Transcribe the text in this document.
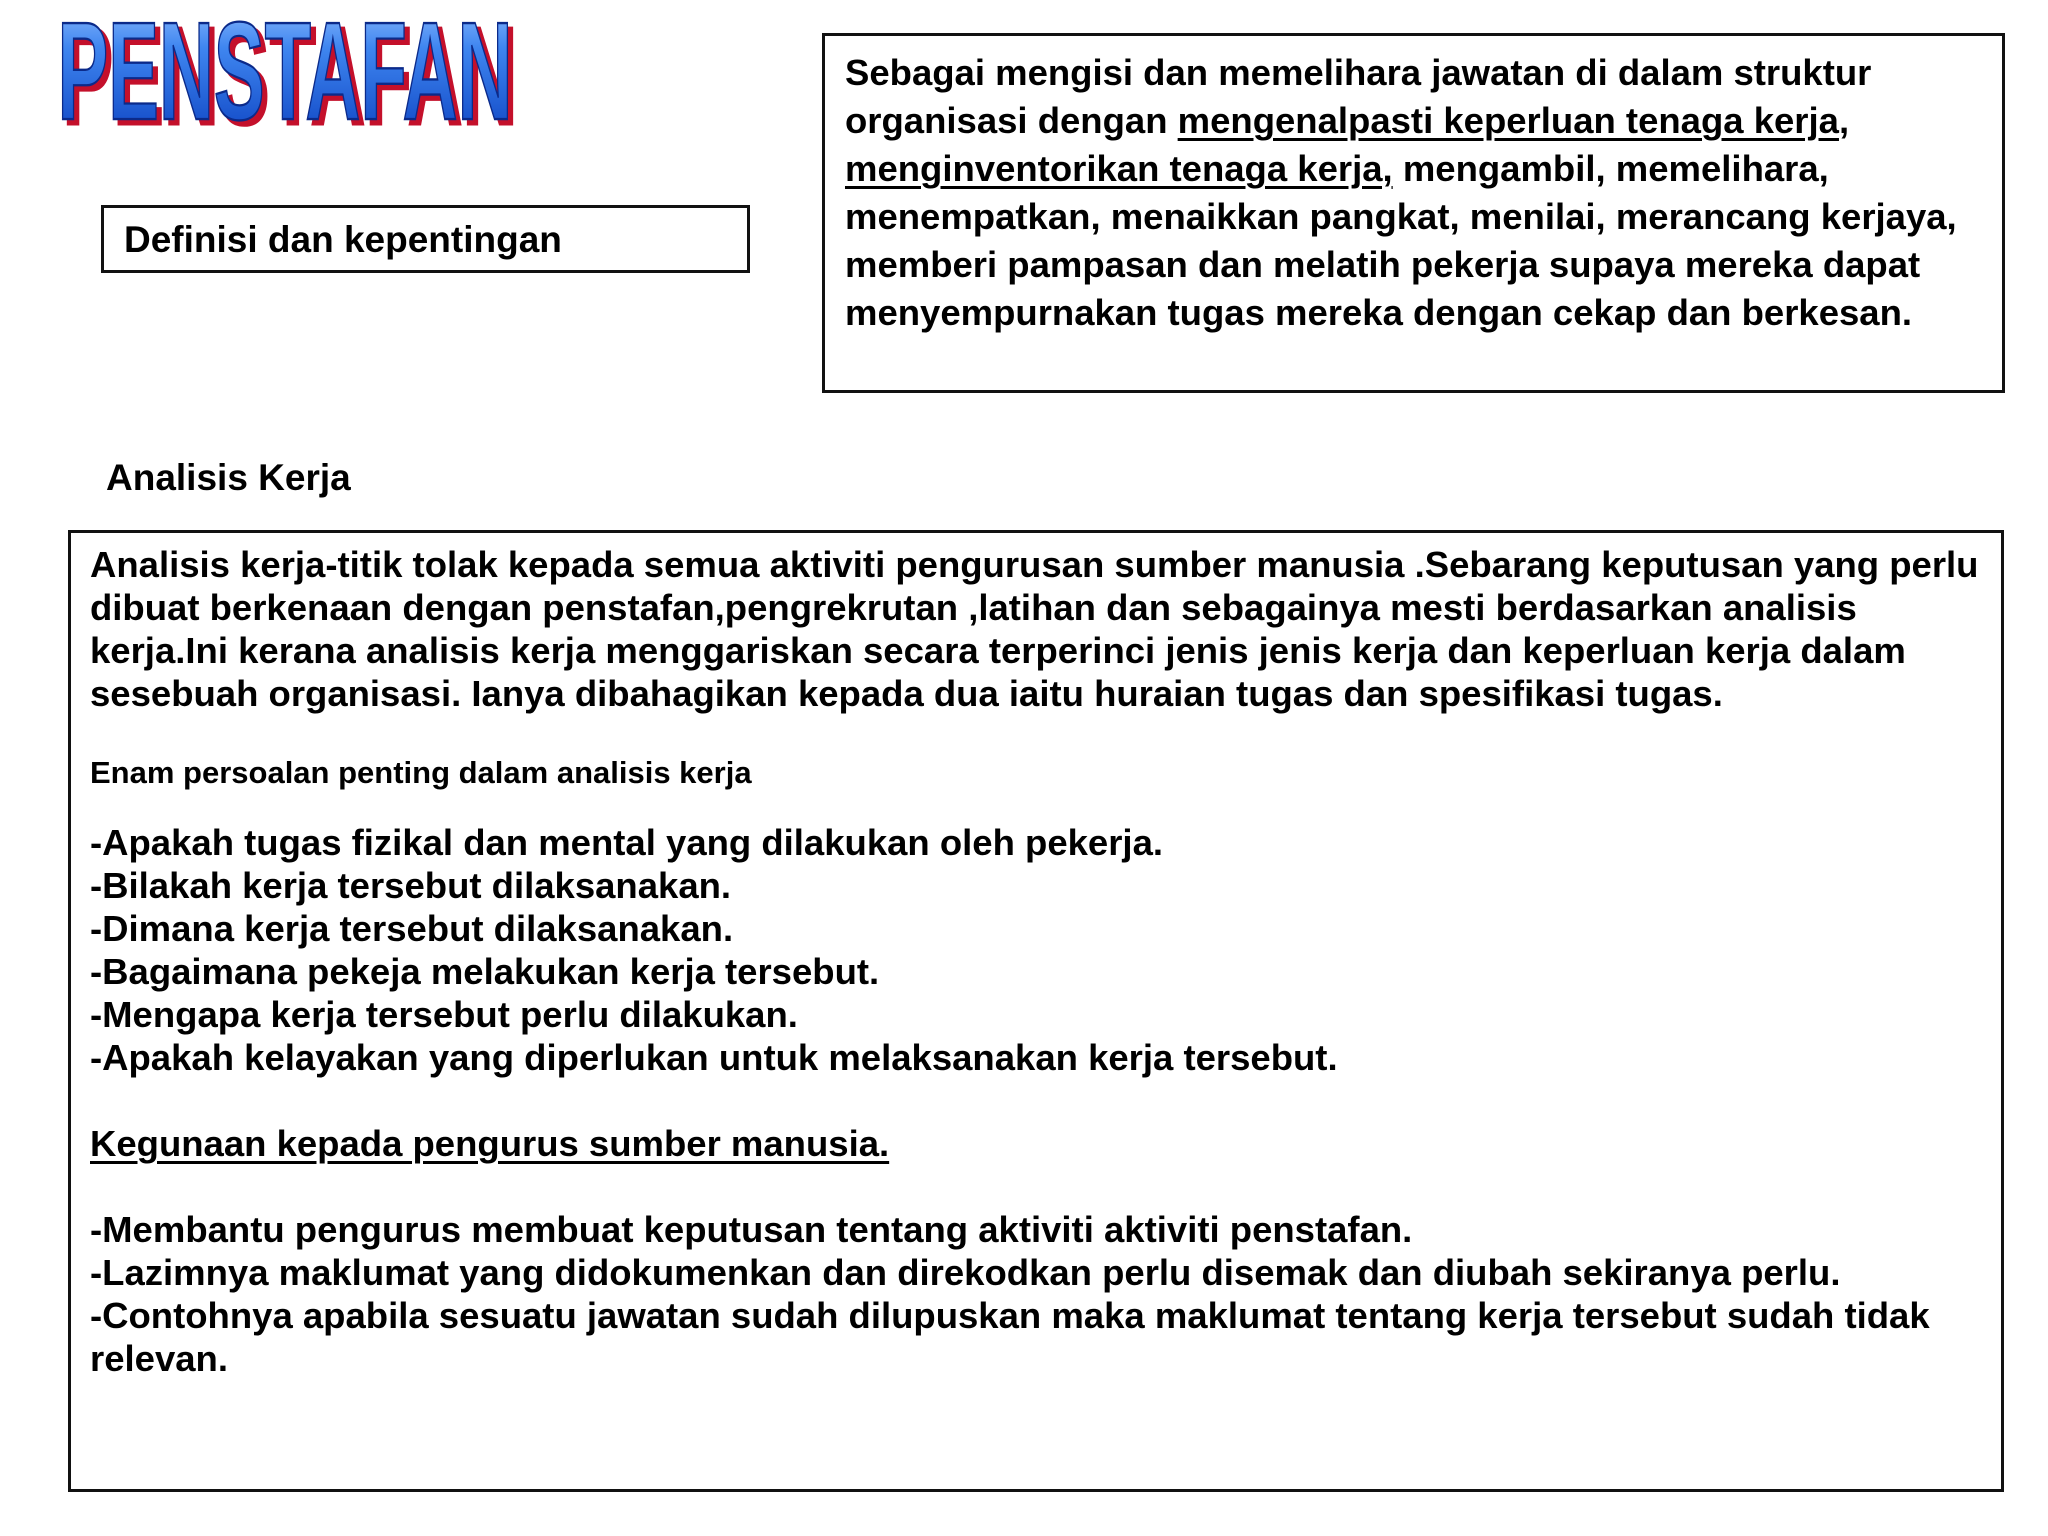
PENSTAFAN
PENSTAFAN
Definisi dan kepentingan

Sebagai mengisi dan memelihara jawatan di dalam struktur organisasi dengan mengenalpasti keperluan tenaga kerja, menginventorikan tenaga kerja, mengambil, memelihara, menempatkan, menaikkan pangkat, menilai, merancang kerjaya, memberi pampasan dan melatih pekerja supaya mereka dapat menyempurnakan tugas mereka dengan cekap dan berkesan.

Analisis Kerja

Analisis kerja-titik tolak kepada semua aktiviti pengurusan sumber manusia .Sebarang keputusan yang perlu dibuat berkenaan dengan penstafan,pengrekrutan ,latihan dan sebagainya mesti berdasarkan analisis kerja.Ini kerana analisis kerja menggariskan secara terperinci jenis jenis kerja dan keperluan kerja dalam sesebuah organisasi. Ianya dibahagikan kepada dua iaitu huraian tugas dan spesifikasi tugas.

Enam persoalan penting dalam analisis kerja

-Apakah tugas fizikal dan mental yang dilakukan oleh pekerja.
-Bilakah kerja tersebut dilaksanakan.
-Dimana kerja tersebut dilaksanakan.
-Bagaimana pekeja melakukan kerja tersebut.
-Mengapa kerja tersebut perlu dilakukan.
-Apakah kelayakan yang diperlukan untuk melaksanakan kerja tersebut.

Kegunaan kepada pengurus sumber manusia.

-Membantu pengurus membuat keputusan tentang aktiviti aktiviti penstafan.
-Lazimnya maklumat yang didokumenkan dan direkodkan perlu disemak dan diubah sekiranya perlu.
-Contohnya apabila sesuatu jawatan sudah dilupuskan maka maklumat tentang kerja tersebut sudah tidak relevan.
